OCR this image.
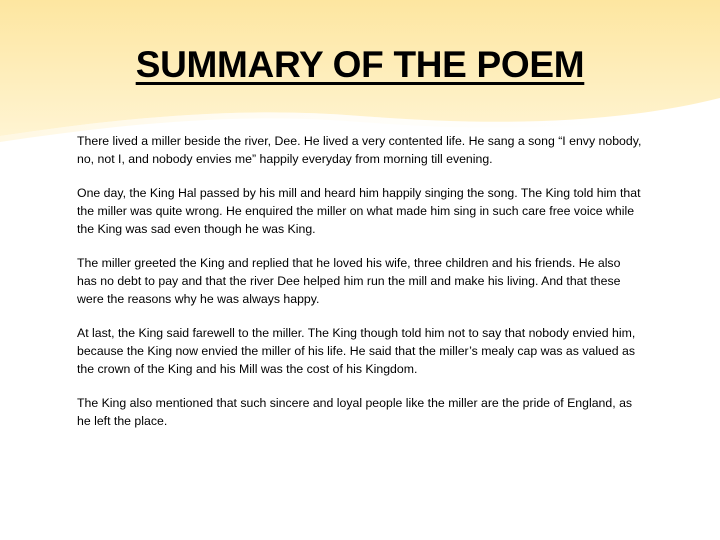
SUMMARY OF THE POEM

There lived a miller beside the river, Dee. He lived a very contented life. He sang a song “I envy nobody, no, not I, and nobody envies me” happily everyday from morning till evening.

One day, the King Hal passed by his mill and heard him happily singing the song. The King told him that the miller was quite wrong. He enquired the miller on what made him sing in such care free voice while the King was sad even though he was King.

The miller greeted the King and replied that he loved his wife, three children and his friends. He also has no debt to pay and that the river Dee helped him run the mill and make his living. And that these were the reasons why he was always happy.

At last, the King said farewell to the miller. The King though told him not to say that nobody envied him, because the King now envied the miller of his life. He said that the miller’s mealy cap was as valued as the crown of the King and his Mill was the cost of his Kingdom.

The King also mentioned that such sincere and loyal people like the miller are the pride of England, as he left the place.
